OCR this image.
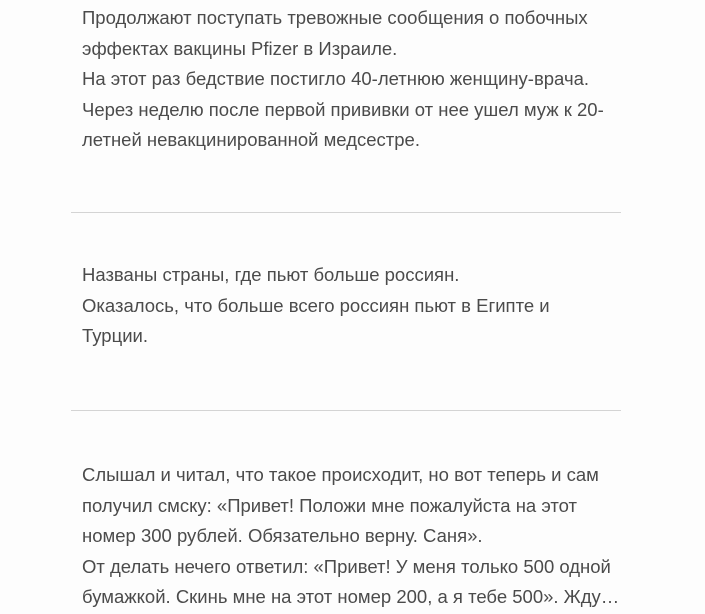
Продолжают поступать тревожные сообщения о побочных

эффектах вакцины Pfizer в Израиле.

На этот раз бедствие постигло 40-летнюю женщину-врача.

Через неделю после первой прививки от нее ушел муж к 20-

летней невакцинированной медсестре.

Названы страны, где пьют больше россиян.

Оказалось, что больше всего россиян пьют в Египте и

Турции.

Слышал и читал, что такое происходит, но вот теперь и сам

получил смску: «Привет! Положи мне пожалуйста на этот

номер 300 рублей. Обязательно верну. Саня».

От делать нечего ответил: «Привет! У меня только 500 одной

бумажкой. Скинь мне на этот номер 200, а я тебе 500». Жду…
